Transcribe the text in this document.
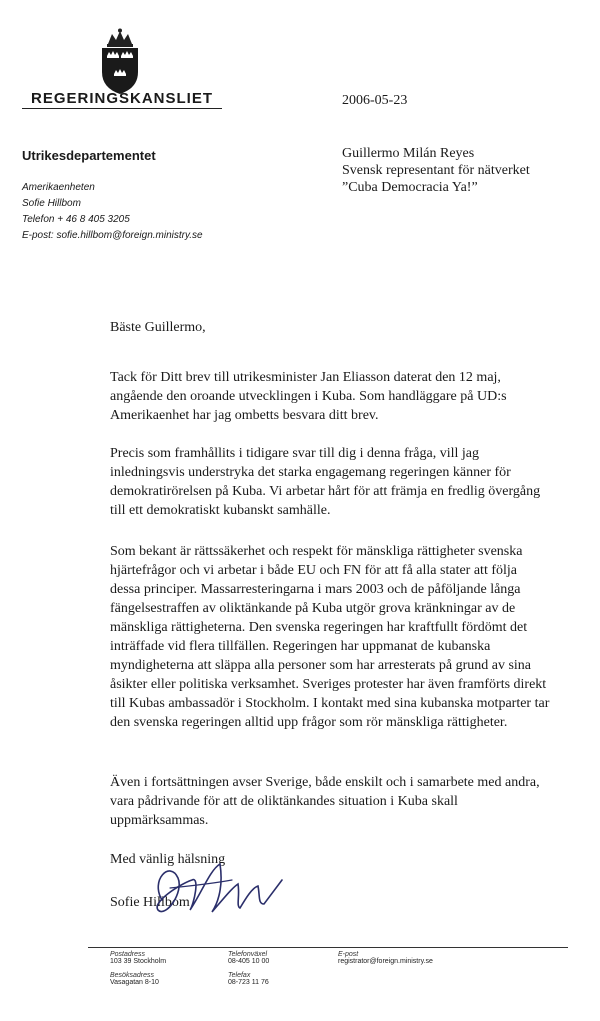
REGERINGSKANSLIET	2006-05-23
Utrikesdepartementet
Amerikaenheten
Sofie Hillbom
Telefon + 46 8 405 3205
E-post: sofie.hillbom@foreign.ministry.se
Guillermo Milán Reyes
Svensk representant för nätverket
”Cuba Democracia Ya!”
Bäste Guillermo,
Tack för Ditt brev till utrikesminister Jan Eliasson daterat den 12 maj, angående den oroande utvecklingen i Kuba. Som handläggare på UD:s Amerikaenhet har jag ombetts besvara ditt brev.
Precis som framhållits i tidigare svar till dig i denna fråga, vill jag inledningsvis understryka det starka engagemang regeringen känner för demokratirörelsen på Kuba. Vi arbetar hårt för att främja en fredlig övergång till ett demokratiskt kubanskt samhälle.
Som bekant är rättssäkerhet och respekt för mänskliga rättigheter svenska hjärtefrågor och vi arbetar i både EU och FN för att få alla stater att följa dessa principer. Massarresteringarna i mars 2003 och de påföljande långa fängelsestraffen av oliktänkande på Kuba utgör grova kränkningar av de mänskliga rättigheterna. Den svenska regeringen har kraftfullt fördömt det inträffade vid flera tillfällen. Regeringen har uppmanat de kubanska myndigheterna att släppa alla personer som har arresterats på grund av sina åsikter eller politiska verksamhet. Sveriges protester har även framförts direkt till Kubas ambassadör i Stockholm. I kontakt med sina kubanska motparter tar den svenska regeringen alltid upp frågor som rör mänskliga rättigheter.
Även i fortsättningen avser Sverige, både enskilt och i samarbete med andra, vara pådrivande för att de oliktänkandes situation i Kuba skall uppmärksammas.
Med vänlig hälsning
Sofie Hillbom
Postadress
103 39 Stockholm
Besöksadress
Vasagatan 8-10
Telefonväxel
08-405 10 00
Telefax
08-723 11 76
E-post
registrator@foreign.ministry.se
